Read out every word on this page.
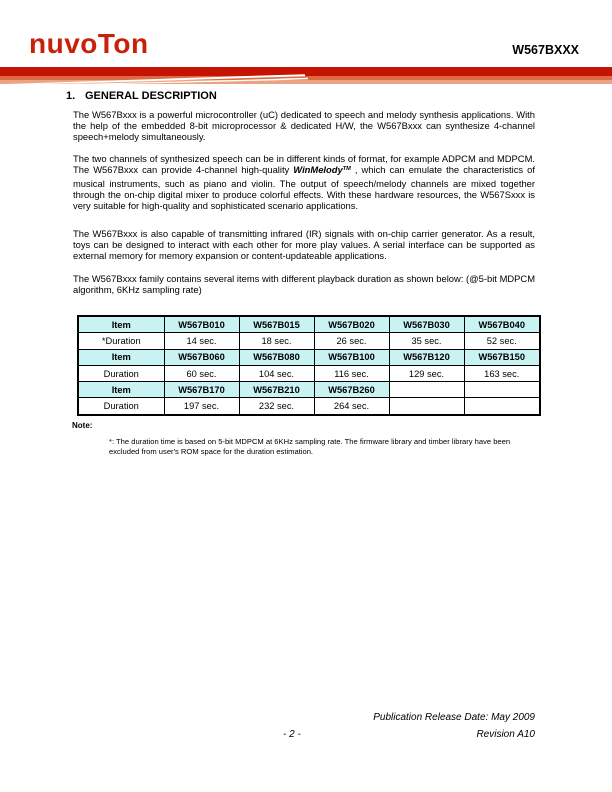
nuvoTon	W567BXXX
1. GENERAL DESCRIPTION
The W567Bxxx is a powerful microcontroller (uC) dedicated to speech and melody synthesis applications. With the help of the embedded 8-bit microprocessor & dedicated H/W, the W567Bxxx can synthesize 4-channel speech+melody simultaneously.
The two channels of synthesized speech can be in different kinds of format, for example ADPCM and MDPCM. The W567Bxxx can provide 4-channel high-quality WinMelody™ , which can emulate the characteristics of musical instruments, such as piano and violin. The output of speech/melody channels are mixed together through the on-chip digital mixer to produce colorful effects. With these hardware resources, the W567Sxxx is very suitable for high-quality and sophisticated scenario applications.
The W567Bxxx is also capable of transmitting infrared (IR) signals with on-chip carrier generator. As a result, toys can be designed to interact with each other for more play values. A serial interface can be supported as external memory for memory expansion or content-updateable applications.
The W567Bxxx family contains several items with different playback duration as shown below: (@5-bit MDPCM algorithm, 6KHz sampling rate)
Item	W567B010	W567B015	W567B020	W567B030	W567B040
*Duration	14 sec.	18 sec.	26 sec.	35 sec.	52 sec.
Item	W567B060	W567B080	W567B100	W567B120	W567B150
Duration	60 sec.	104 sec.	116 sec.	129 sec.	163 sec.
Item	W567B170	W567B210	W567B260		
Duration	197 sec.	232 sec.	264 sec.		
Note:
*: The duration time is based on 5-bit MDPCM at 6KHz sampling rate. The firmware library and timber library have been excluded from user's ROM space for the duration estimation.
Publication Release Date: May 2009
- 2 -	Revision A10
